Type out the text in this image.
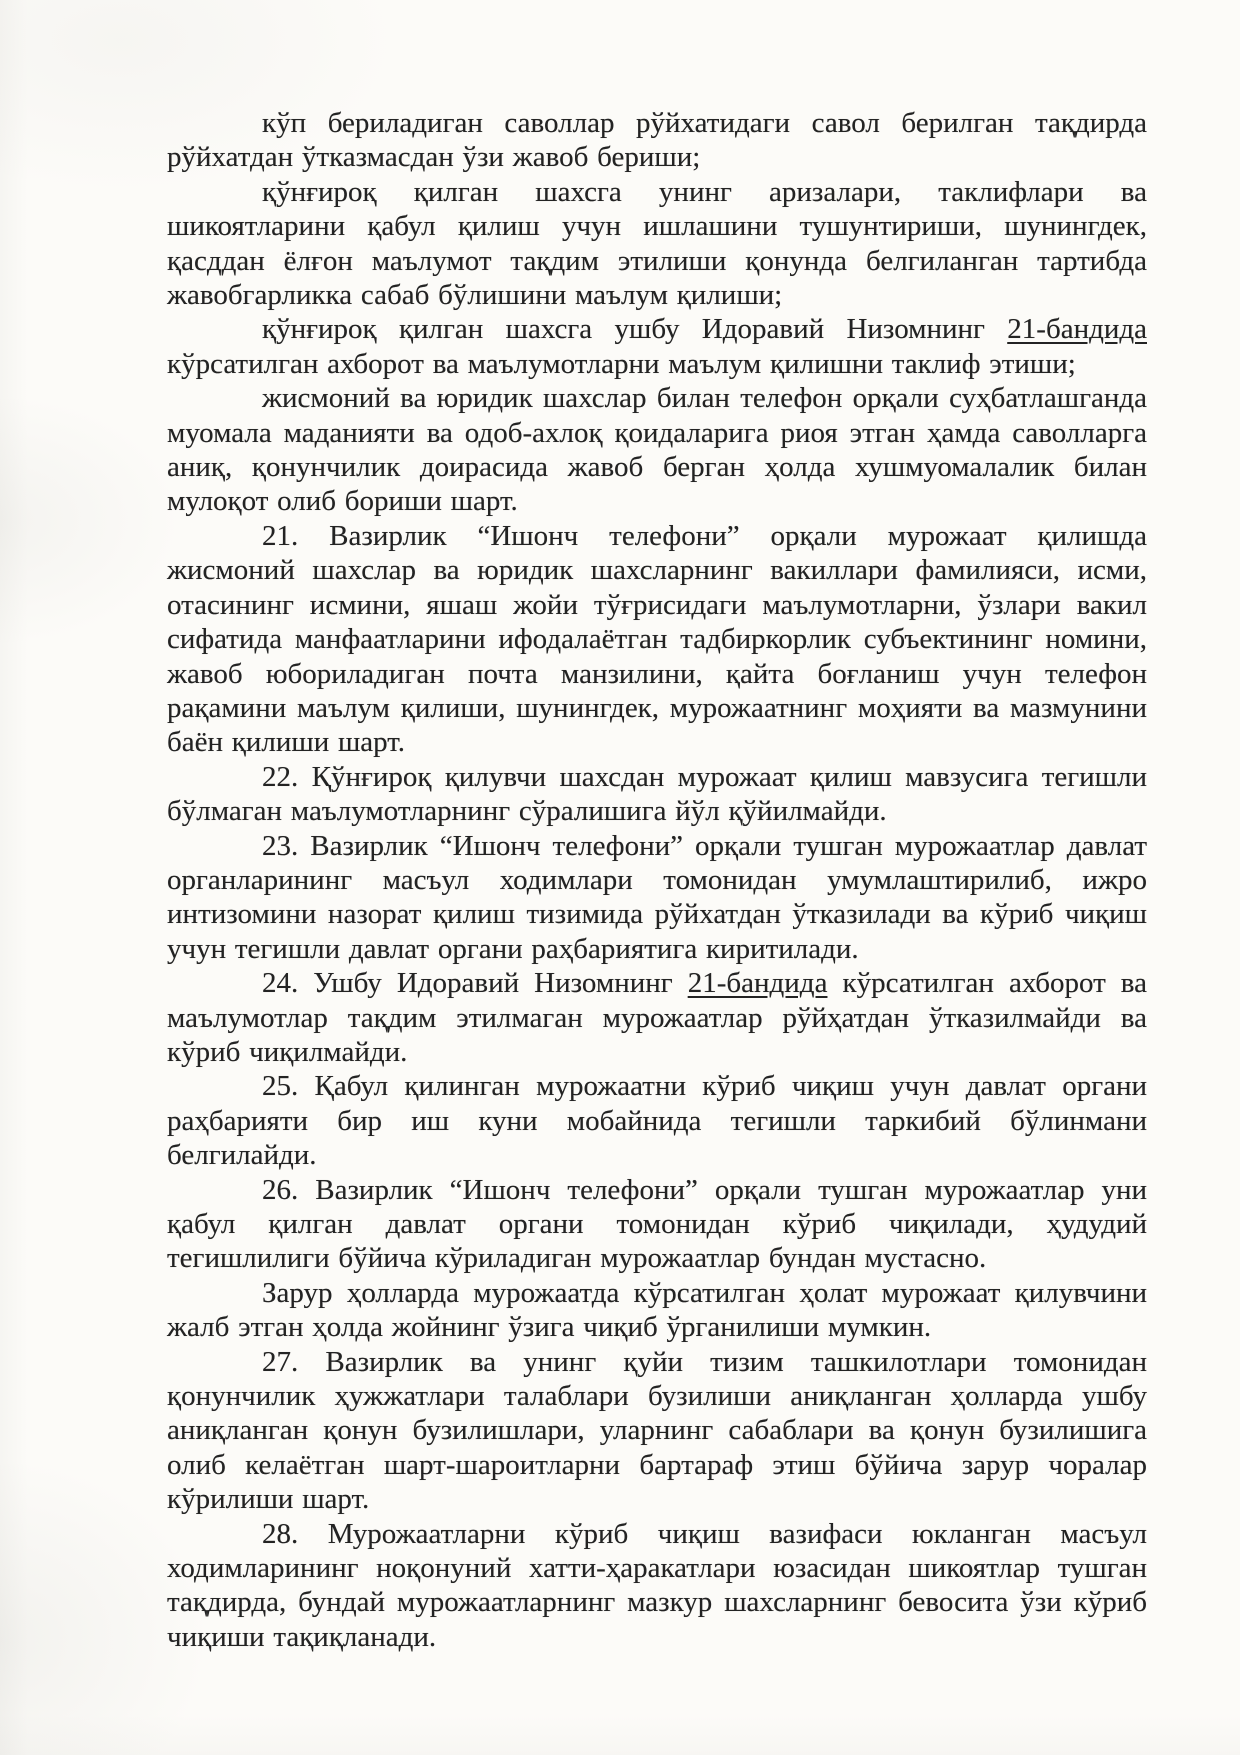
кўп бериладиган саволлар рўйхатидаги савол берилган тақдирда рўйхатдан ўтказмасдан ўзи жавоб бериши;

қўнғироқ қилган шахсга унинг аризалари, таклифлари ва шикоятларини қабул қилиш учун ишлашини тушунтириши, шунингдек, қасддан ёлғон маълумот тақдим этилиши қонунда белгиланган тартибда жавобгарликка сабаб бўлишини маълум қилиши;

қўнғироқ қилган шахсга ушбу Идоравий Низомнинг 21-бандида кўрсатилган ахборот ва маълумотларни маълум қилишни таклиф этиши;

жисмоний ва юридик шахслар билан телефон орқали суҳбатлашганда муомала маданияти ва одоб-ахлоқ қоидаларига риоя этган ҳамда саволларга аниқ, қонунчилик доирасида жавоб берган ҳолда хушмуомалалик билан мулоқот олиб бориши шарт.

21. Вазирлик “Ишонч телефони” орқали мурожаат қилишда жисмоний шахслар ва юридик шахсларнинг вакиллари фамилияси, исми, отасининг исмини, яшаш жойи тўғрисидаги маълумотларни, ўзлари вакил сифатида манфаатларини ифодалаётган тадбиркорлик субъектининг номини, жавоб юбориладиган почта манзилини, қайта боғланиш учун телефон рақамини маълум қилиши, шунингдек, мурожаатнинг моҳияти ва мазмунини баён қилиши шарт.

22. Қўнғироқ қилувчи шахсдан мурожаат қилиш мавзусига тегишли бўлмаган маълумотларнинг сўралишига йўл қўйилмайди.

23. Вазирлик “Ишонч телефони” орқали тушган мурожаатлар давлат органларининг масъул ходимлари томонидан умумлаштирилиб, ижро интизомини назорат қилиш тизимида рўйхатдан ўтказилади ва кўриб чиқиш учун тегишли давлат органи раҳбариятига киритилади.

24. Ушбу Идоравий Низомнинг 21-бандида кўрсатилган ахборот ва маълумотлар тақдим этилмаган мурожаатлар рўйҳатдан ўтказилмайди ва кўриб чиқилмайди.

25. Қабул қилинган мурожаатни кўриб чиқиш учун давлат органи раҳбарияти бир иш куни мобайнида тегишли таркибий бўлинмани белгилайди.

26. Вазирлик “Ишонч телефони” орқали тушган мурожаатлар уни қабул қилган давлат органи томонидан кўриб чиқилади, ҳудудий тегишлилиги бўйича кўриладиган мурожаатлар бундан мустасно.

Зарур ҳолларда мурожаатда кўрсатилган ҳолат мурожаат қилувчини жалб этган ҳолда жойнинг ўзига чиқиб ўрганилиши мумкин.

27. Вазирлик ва унинг қуйи тизим ташкилотлари томонидан қонунчилик ҳужжатлари талаблари бузилиши аниқланган ҳолларда ушбу аниқланган қонун бузилишлари, уларнинг сабаблари ва қонун бузилишига олиб келаётган шарт-шароитларни бартараф этиш бўйича зарур чоралар кўрилиши шарт.

28. Мурожаатларни кўриб чиқиш вазифаси юкланган масъул ходимларининг ноқонуний хатти-ҳаракатлари юзасидан шикоятлар тушган тақдирда, бундай мурожаатларнинг мазкур шахсларнинг бевосита ўзи кўриб чиқиши тақиқланади.
